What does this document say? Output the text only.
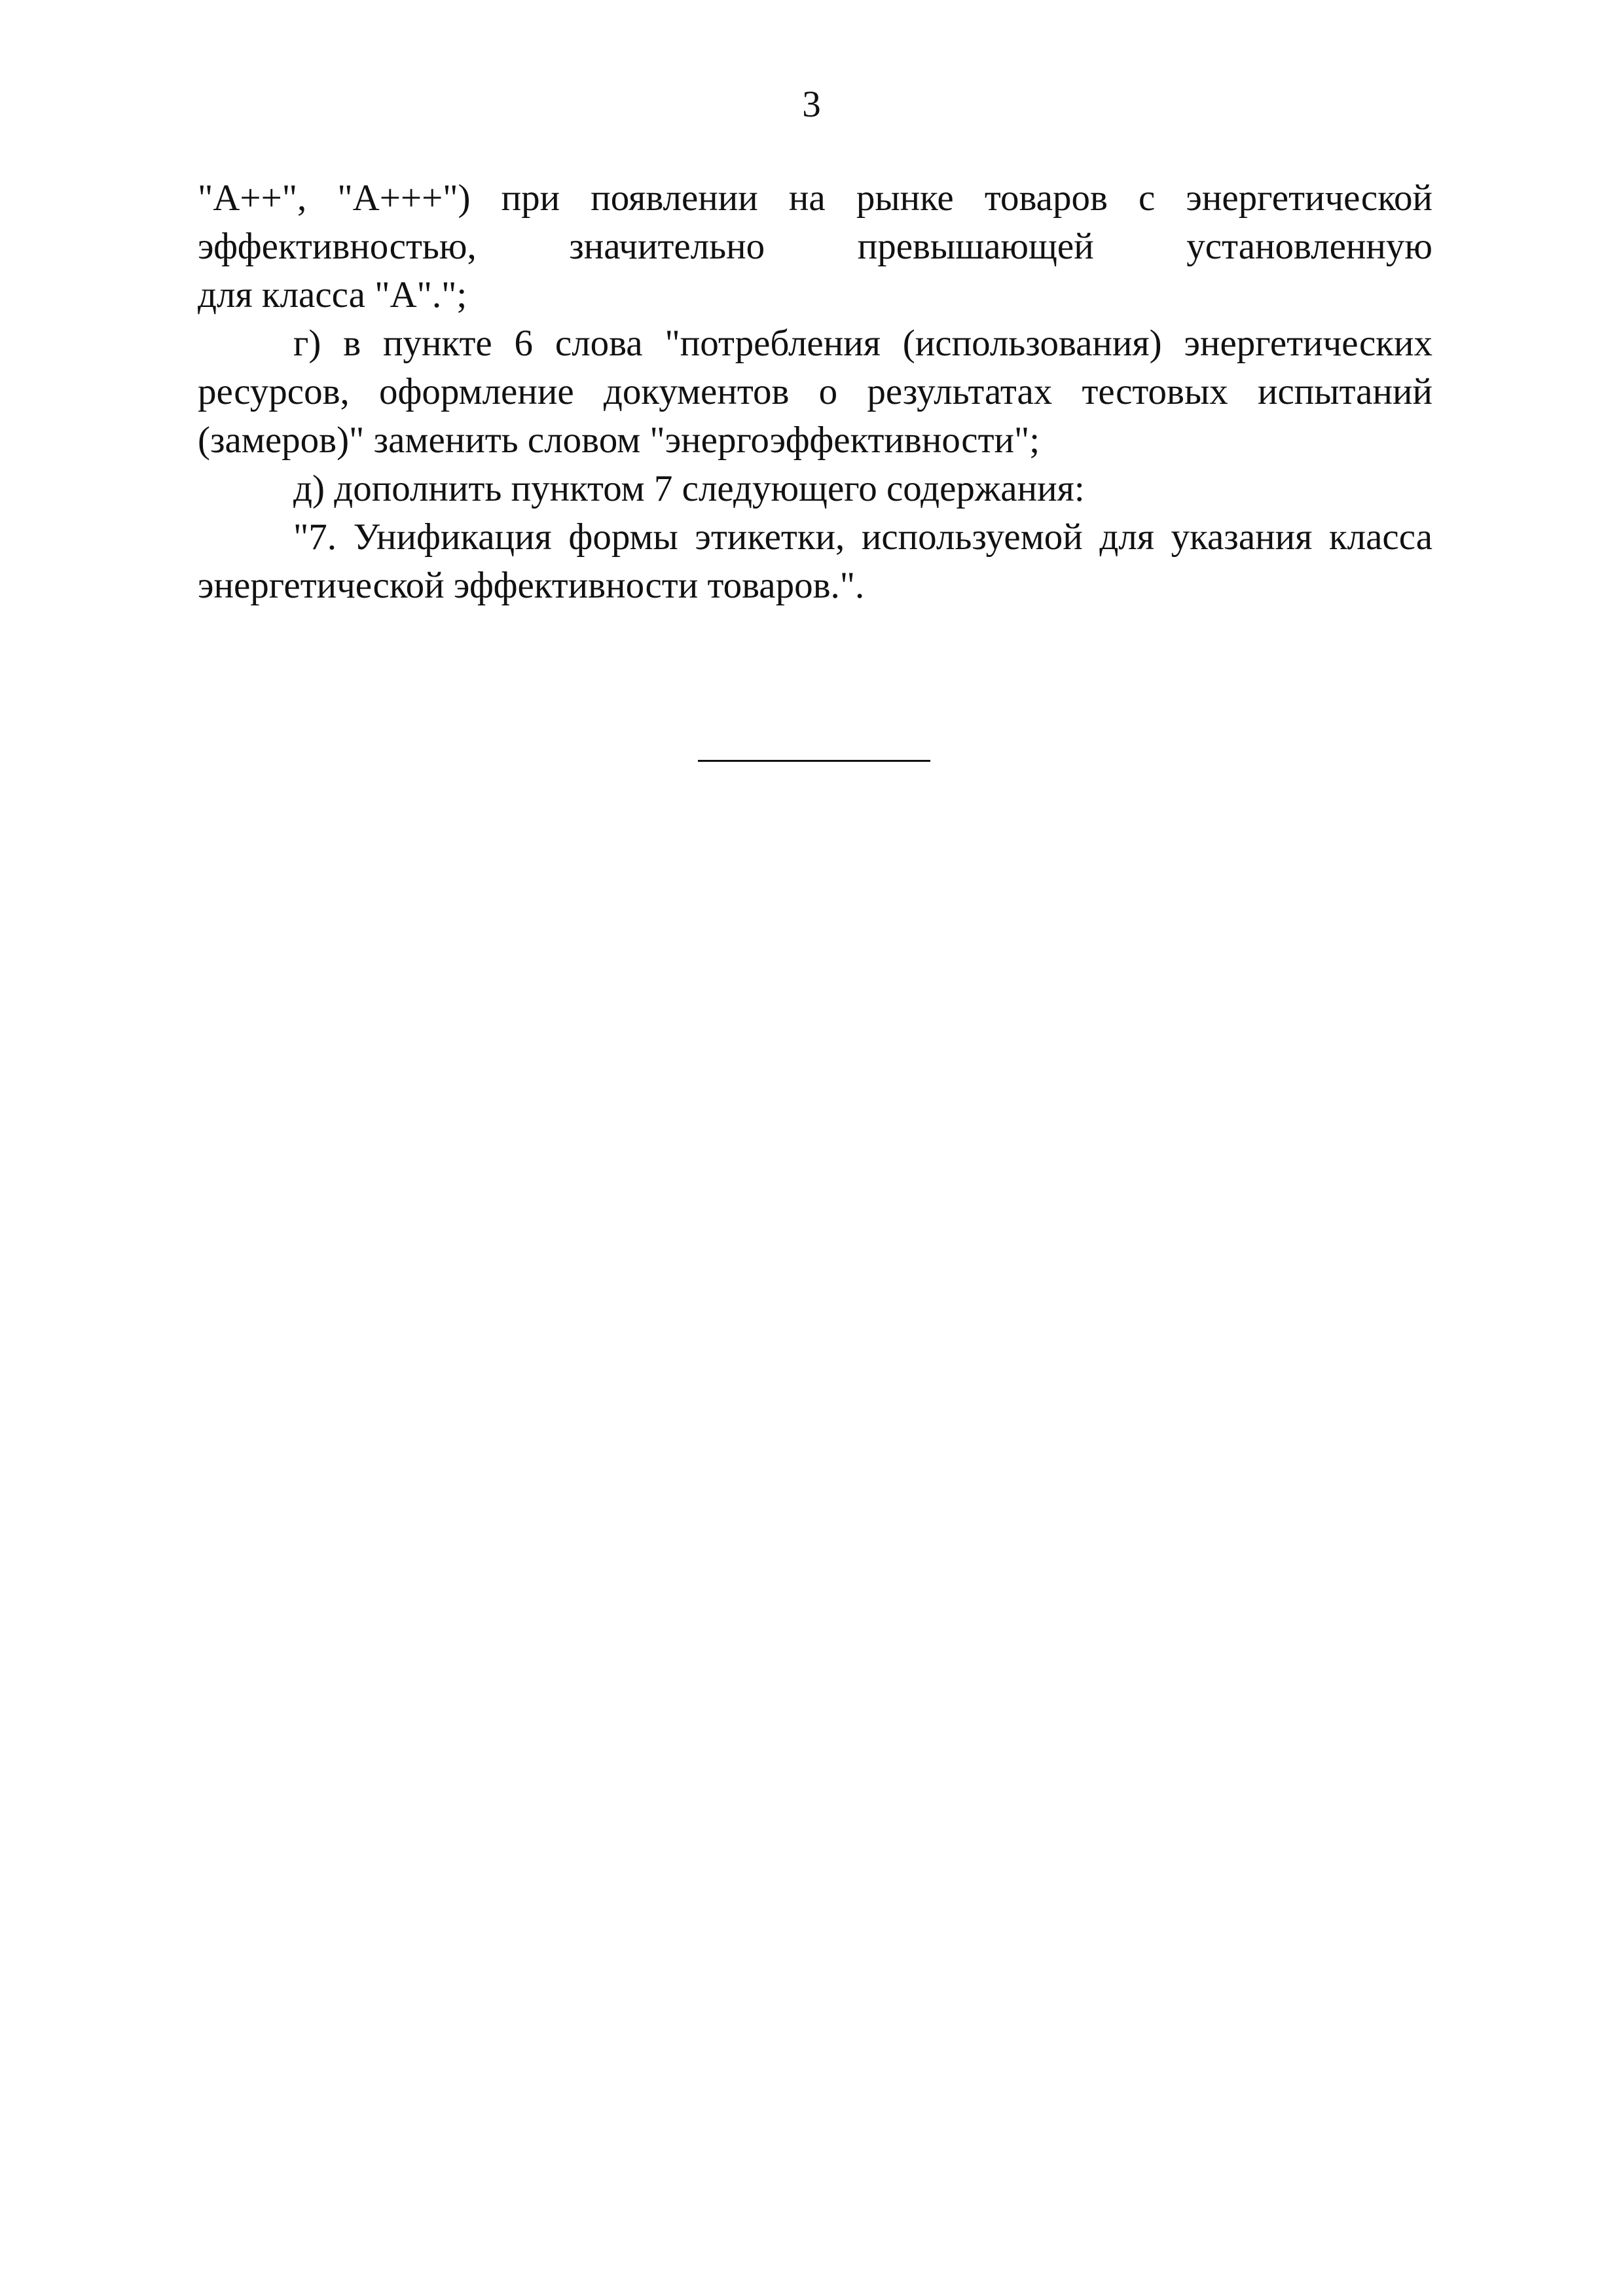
3

"А++", "А+++") при появлении на рынке товаров с энергетической
эффективностью, значительно превышающей установленную
для класса "А".";

г) в пункте 6 слова "потребления (использования) энергетических ресурсов, оформление документов о результатах тестовых испытаний (замеров)" заменить словом "энергоэффективности";

д) дополнить пунктом 7 следующего содержания:

"7. Унификация формы этикетки, используемой для указания класса энергетической эффективности товаров.".
